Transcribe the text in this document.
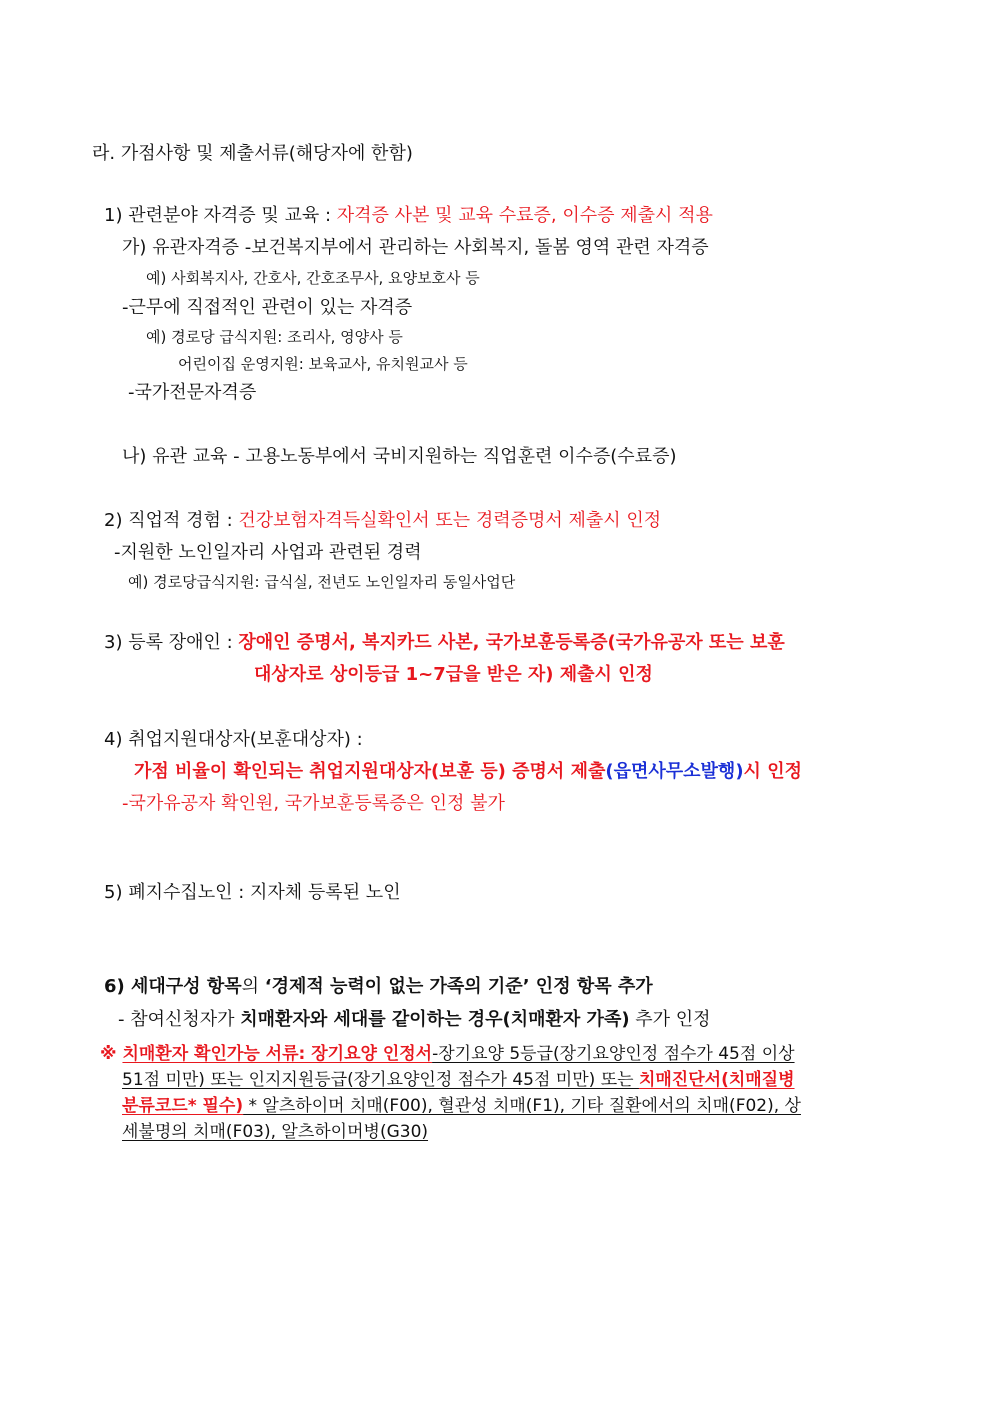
라. 가점사항 및 제출서류(해당자에 한함)
1) 관련분야 자격증 및 교육 : 자격증 사본 및 교육 수료증, 이수증 제출시 적용
가) 유관자격증 -보건복지부에서 관리하는 사회복지, 돌봄 영역 관련 자격증
예) 사회복지사, 간호사, 간호조무사, 요양보호사 등
-근무에 직접적인 관련이 있는 자격증
예) 경로당 급식지원: 조리사, 영양사 등
어린이집 운영지원: 보육교사, 유치원교사 등
-국가전문자격증
나) 유관 교육 - 고용노동부에서 국비지원하는 직업훈련 이수증(수료증)
2) 직업적 경험 : 건강보험자격득실확인서 또는 경력증명서 제출시 인정
-지원한 노인일자리 사업과 관련된 경력
예) 경로당급식지원: 급식실, 전년도 노인일자리 동일사업단
3) 등록 장애인 : 장애인 증명서, 복지카드 사본, 국가보훈등록증(국가유공자 또는 보훈
대상자로 상이등급 1~7급을 받은 자) 제출시 인정
4) 취업지원대상자(보훈대상자) :
가점 비율이 확인되는 취업지원대상자(보훈 등) 증명서 제출(읍면사무소발행)시 인정
-국가유공자 확인원, 국가보훈등록증은 인정 불가
5) 폐지수집노인 : 지자체 등록된 노인
6) 세대구성 항목의 ‘경제적 능력이 없는 가족의 기준’ 인정 항목 추가
- 참여신청자가 치매환자와 세대를 같이하는 경우(치매환자 가족) 추가 인정
※ 치매환자 확인가능 서류: 장기요양 인정서-장기요양 5등급(장기요양인정 점수가 45점 이상
51점 미만) 또는 인지지원등급(장기요양인정 점수가 45점 미만) 또는 치매진단서(치매질병
분류코드* 필수) * 알츠하이머 치매(F00), 혈관성 치매(F1), 기타 질환에서의 치매(F02), 상
세불명의 치매(F03), 알츠하이머병(G30)
